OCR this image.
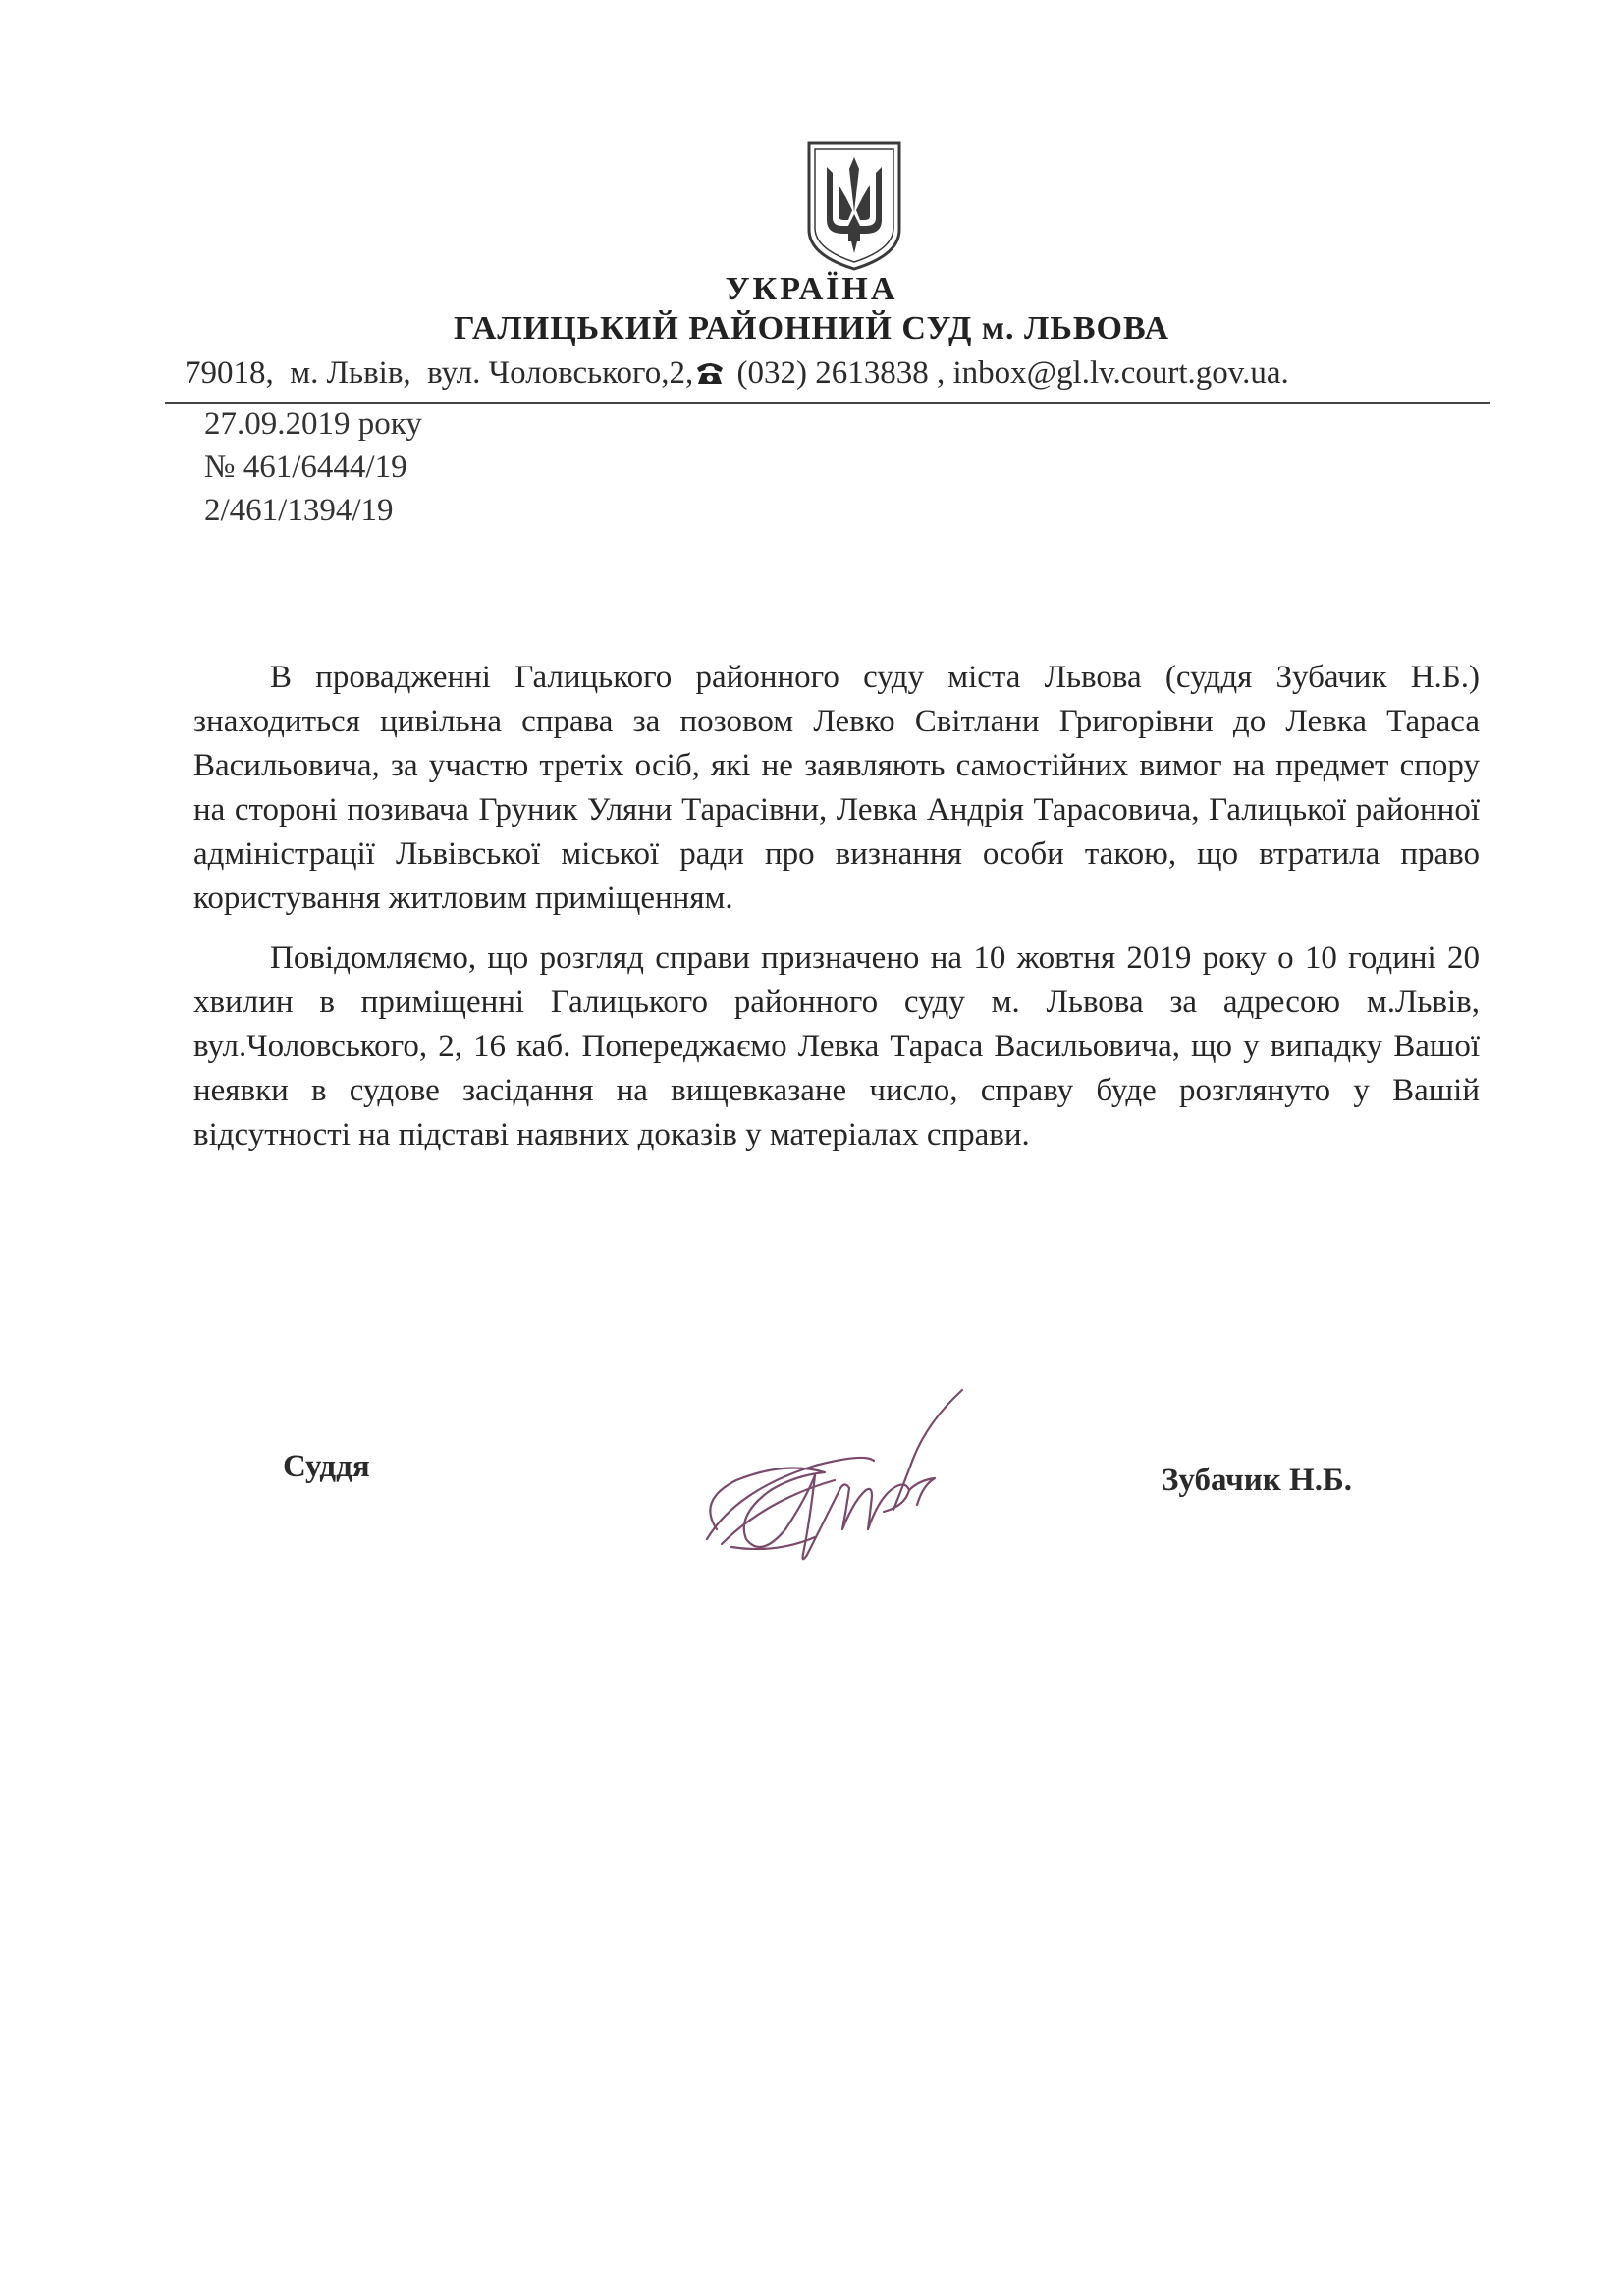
УКРАЇНА
ГАЛИЦЬКИЙ РАЙОННИЙ СУД м. ЛЬВОВА
79018,  м. Львів,  вул. Чоловського,2, (032) 2613838 , inbox@gl.lv.court.gov.ua.
27.09.2019 року
№ 461/6444/19
2/461/1394/19

В провадженні Галицького районного суду міста Львова (суддя Зубачик Н.Б.) знаходиться цивільна справа за позовом Левко Світлани Григорівни до Левка Тараса Васильовича, за участю третіх осіб, які не заявляють самостійних вимог на предмет спору на стороні позивача Груник Уляни Тарасівни, Левка Андрія Тарасовича, Галицької районної адміністрації Львівської міської ради про визнання особи такою, що втратила право користування житловим приміщенням.

Повідомляємо, що розгляд справи призначено на 10 жовтня 2019 року о 10 годині 20 хвилин в приміщенні Галицького районного суду м. Львова за адресою м.Львів, вул.Чоловського, 2, 16 каб. Попереджаємо Левка Тараса Васильовича, що у випадку Вашої неявки в судове засідання на вищевказане число, справу буде розглянуто у Вашій відсутності на підставі наявних доказів у матеріалах справи.

Суддя	Зубачик Н.Б.
